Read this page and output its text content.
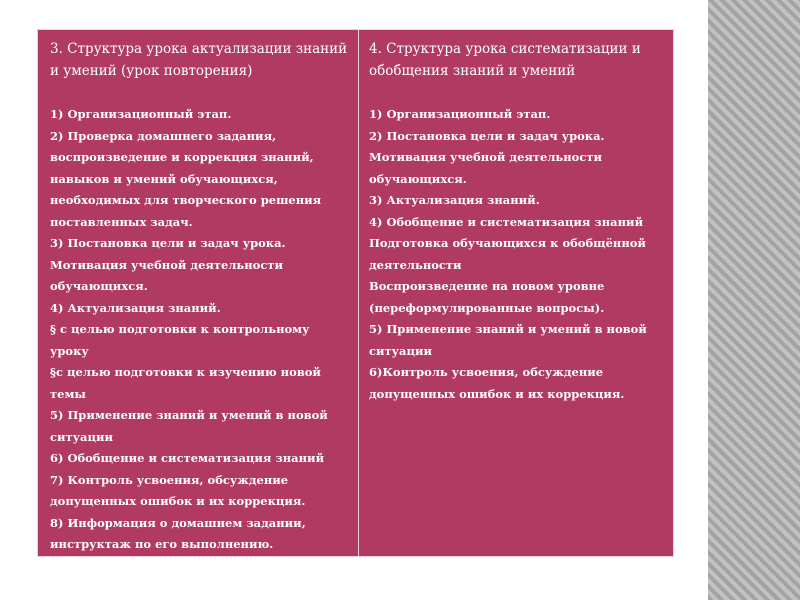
3. Структура урока актуализации знаний и умений (урок повторения)
1) Организационный этап.
2) Проверка домашнего задания, воспроизведение и коррекция знаний, навыков и умений обучающихся, необходимых для творческого решения поставленных задач.
3) Постановка цели и задач урока. Мотивация учебной деятельности обучающихся.
4) Актуализация знаний.
§ с целью подготовки к контрольному уроку
§с целью подготовки к изучению новой темы
5) Применение знаний и умений в новой ситуации
6) Обобщение и систематизация знаний
7) Контроль усвоения, обсуждение допущенных ошибок и их коррекция.
8) Информация о домашнем задании, инструктаж по его выполнению.
4. Структура урока систематизации и обобщения знаний и умений
1) Организационный этап.
2) Постановка цели и задач урока. Мотивация учебной деятельности обучающихся.
3) Актуализация знаний.
4) Обобщение и систематизация знаний Подготовка обучающихся к обобщённой деятельности
Воспроизведение на новом уровне (переформулированные вопросы).
5) Применение знаний и умений в новой ситуации
6)Контроль усвоения, обсуждение допущенных ошибок и их коррекция.
